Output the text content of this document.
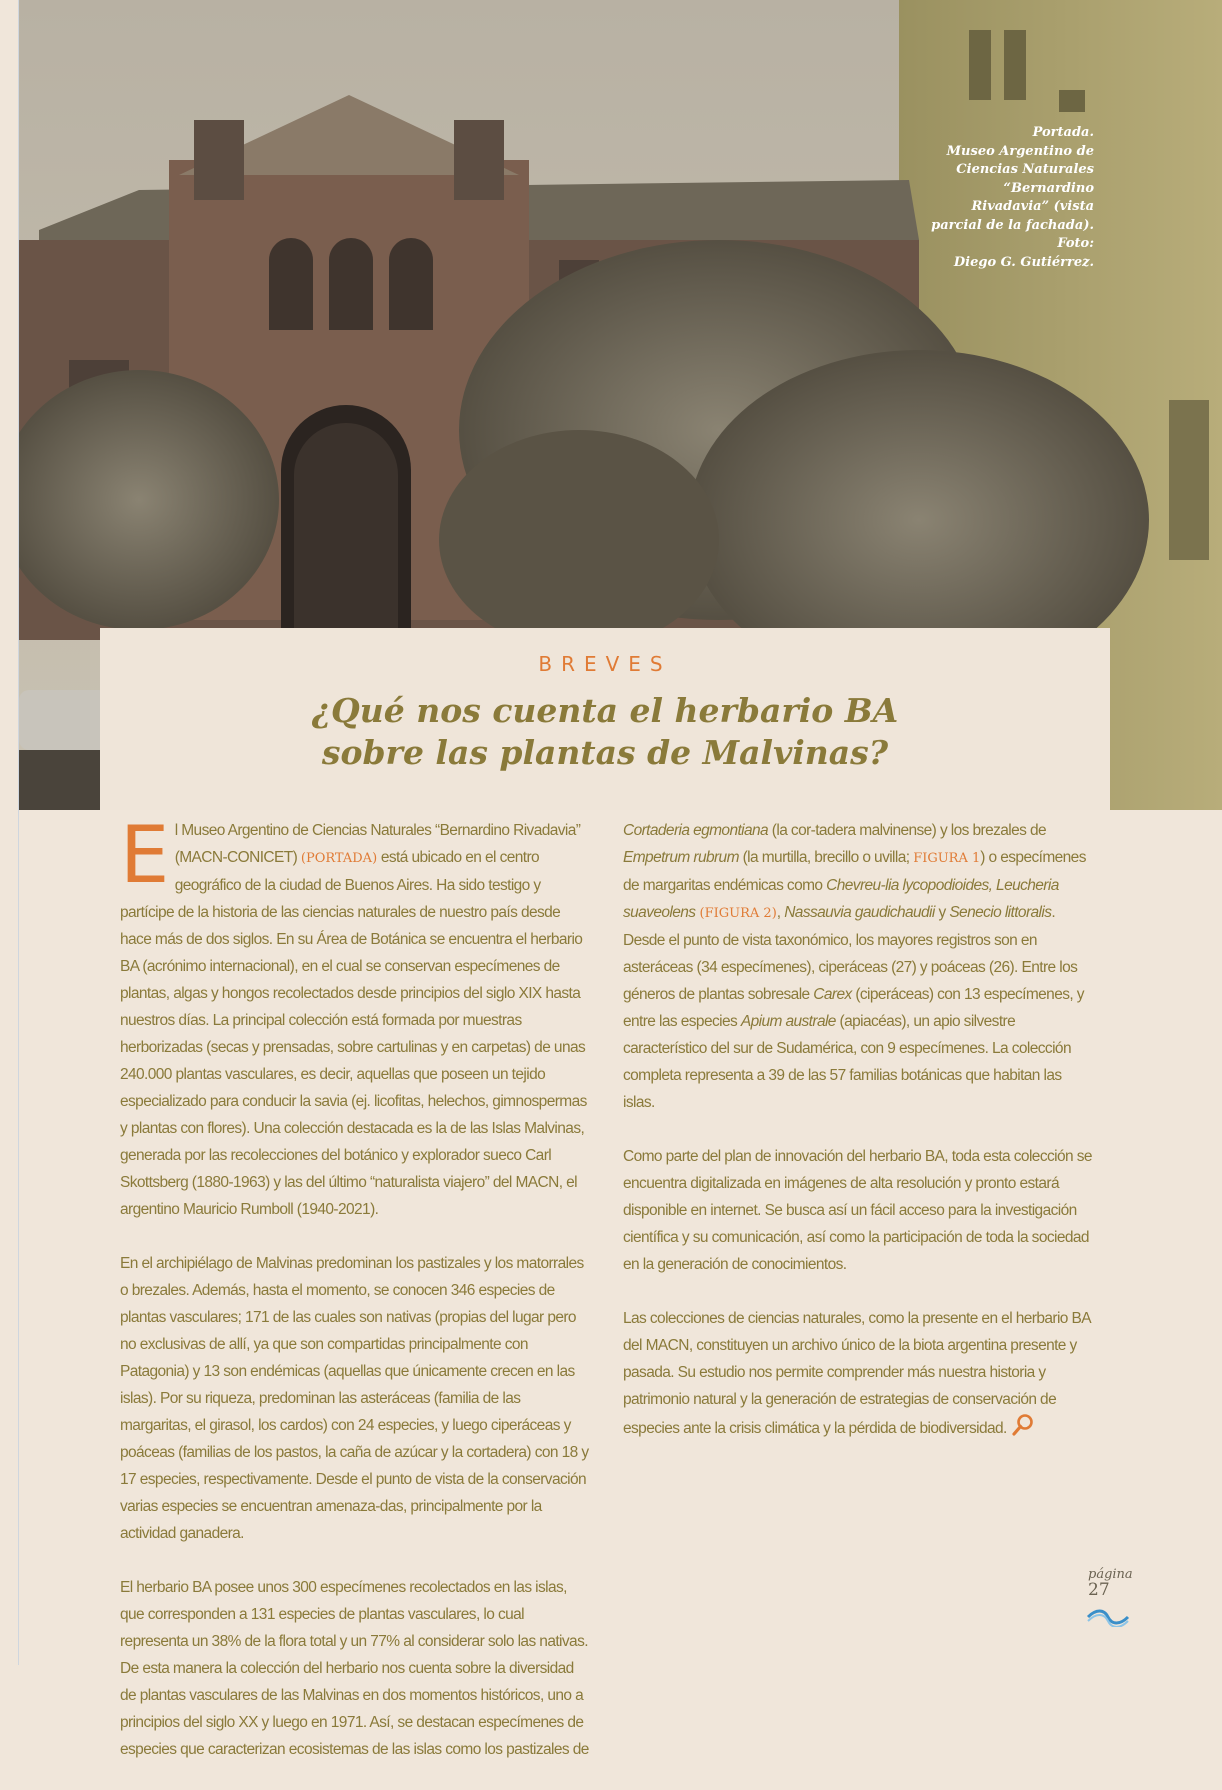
Portada.
Museo Argentino de
Ciencias Naturales
“Bernardino
Rivadavia” (vista
parcial de la fachada).
Foto:
Diego G. Gutiérrez.
BREVES
¿Qué nos cuenta el herbario BA
sobre las plantas de Malvinas?

El Museo Argentino de Ciencias Naturales “Bernardino Rivadavia” (MACN-CONICET) (PORTADA) está ubicado en el centro geográfico de la ciudad de Buenos Aires. Ha sido testigo y partícipe de la historia de las ciencias naturales de nuestro país desde hace más de dos siglos. En su Área de Botánica se encuentra el herbario BA (acrónimo internacional), en el cual se conservan especímenes de plantas, algas y hongos recolectados desde principios del siglo XIX hasta nuestros días. La principal colección está formada por muestras herborizadas (secas y prensadas, sobre cartulinas y en carpetas) de unas 240.000 plantas vasculares, es decir, aquellas que poseen un tejido especializado para conducir la savia (ej. licofitas, helechos, gimnospermas y plantas con flores). Una colección destacada es la de las Islas Malvinas, generada por las recolecciones del botánico y explorador sueco Carl Skottsberg (1880-1963) y las del último “naturalista viajero” del MACN, el argentino Mauricio Rumboll (1940-2021).

En el archipiélago de Malvinas predominan los pastizales y los matorrales o brezales. Además, hasta el momento, se conocen 346 especies de plantas vasculares; 171 de las cuales son nativas (propias del lugar pero no exclusivas de allí, ya que son compartidas principalmente con Patagonia) y 13 son endémicas (aquellas que únicamente crecen en las islas). Por su riqueza, predominan las asteráceas (familia de las margaritas, el girasol, los cardos) con 24 especies, y luego ciperáceas y poáceas (familias de los pastos, la caña de azúcar y la cortadera) con 18 y 17 especies, respectivamente. Desde el punto de vista de la conservación varias especies se encuentran amenaza-das, principalmente por la actividad ganadera.

El herbario BA posee unos 300 especímenes recolectados en las islas, que corresponden a 131 especies de plantas vasculares, lo cual representa un 38% de la flora total y un 77% al considerar solo las nativas. De esta manera la colección del herbario nos cuenta sobre la diversidad de plantas vasculares de las Malvinas en dos momentos históricos, uno a principios del siglo XX y luego en 1971. Así, se destacan especímenes de especies que caracterizan ecosistemas de las islas como los pastizales de

Cortaderia egmontiana (la cor-tadera malvinense) y los brezales de Empetrum rubrum (la murtilla, brecillo o uvilla; FIGURA 1) o especímenes de margaritas endémicas como Chevreu-lia lycopodioides, Leucheria suaveolens (FIGURA 2), Nassauvia gaudichaudii y Senecio littoralis. Desde el punto de vista taxonómico, los mayores registros son en asteráceas (34 especímenes), ciperáceas (27) y poáceas (26). Entre los géneros de plantas sobresale Carex (ciperáceas) con 13 especímenes, y entre las especies Apium australe (apiacéas), un apio silvestre característico del sur de Sudamérica, con 9 especímenes. La colección completa representa a 39 de las 57 familias botánicas que habitan las islas.

Como parte del plan de innovación del herbario BA, toda esta colección se encuentra digitalizada en imágenes de alta resolución y pronto estará disponible en internet. Se busca así un fácil acceso para la investigación científica y su comunicación, así como la participación de toda la sociedad en la generación de conocimientos.

Las colecciones de ciencias naturales, como la presente en el herbario BA del MACN, constituyen un archivo único de la biota argentina presente y pasada. Su estudio nos permite comprender más nuestra historia y patrimonio natural y la generación de estrategias de conservación de especies ante la crisis climática y la pérdida de biodiversidad.

página
27
